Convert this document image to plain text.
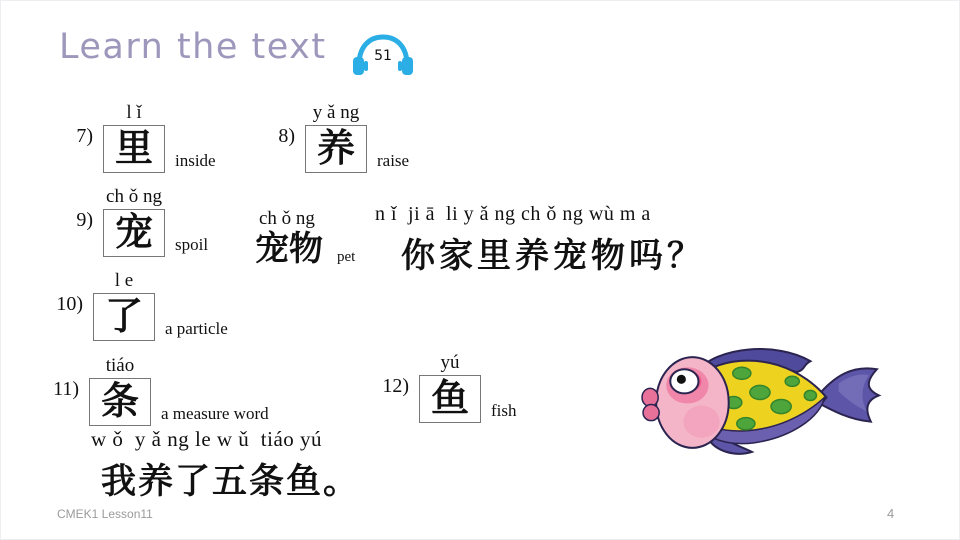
Learn the text	51
7)
l ǐ
里	inside
8)
y ǎ ng
养	raise
9)
ch ǒ ng
宠	spoil
10)
l e
了	a particle
11)
tiáo
条	a measure word
12)
yú
鱼	fish
ch ǒ ng
宠物 pet
n ǐ  ji ā  li y ǎ ng ch ǒ ng wù m a
你家里养宠物吗？
w ǒ  y ǎ ng le w ǔ  tiáo yú
我养了五条鱼。
CMEK1 Lesson11	4
